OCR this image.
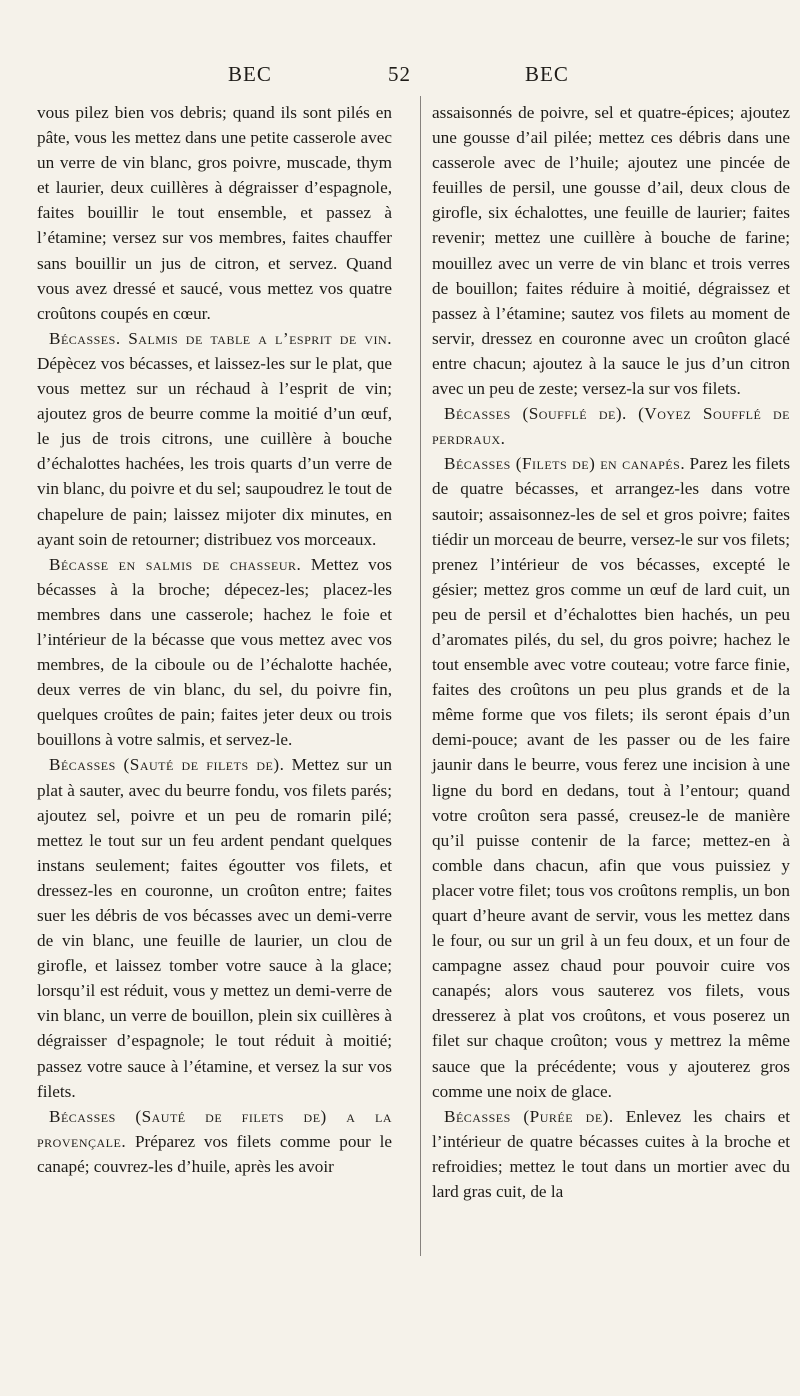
BEC	52	BEC

vous pilez bien vos debris; quand ils sont pilés en pâte, vous les mettez dans une petite casserole avec un verre de vin blanc, gros poivre, muscade, thym et laurier, deux cuillères à dégraisser d’espagnole, faites bouillir le tout ensemble, et passez à l’étamine; versez sur vos membres, faites chauffer sans bouillir un jus de citron, et servez. Quand vous avez dressé et saucé, vous mettez vos quatre croûtons coupés en cœur.

Bécasses. Salmis de table a l’esprit de vin. Dépècez vos bécasses, et laissez-les sur le plat, que vous mettez sur un réchaud à l’esprit de vin; ajoutez gros de beurre comme la moitié d’un œuf, le jus de trois citrons, une cuillère à bouche d’échalottes hachées, les trois quarts d’un verre de vin blanc, du poivre et du sel; saupoudrez le tout de chapelure de pain; laissez mijoter dix minutes, en ayant soin de retourner; distribuez vos morceaux.

Bécasse en salmis de chasseur. Mettez vos bécasses à la broche; dépecez-les; placez-les membres dans une casserole; hachez le foie et l’intérieur de la bécasse que vous mettez avec vos membres, de la ciboule ou de l’échalotte hachée, deux verres de vin blanc, du sel, du poivre fin, quelques croûtes de pain; faites jeter deux ou trois bouillons à votre salmis, et servez-le.

Bécasses (Sauté de filets de). Mettez sur un plat à sauter, avec du beurre fondu, vos filets parés; ajoutez sel, poivre et un peu de romarin pilé; mettez le tout sur un feu ardent pendant quelques instans seulement; faites égoutter vos filets, et dressez-les en couronne, un croûton entre; faites suer les débris de vos bécasses avec un demi-verre de vin blanc, une feuille de laurier, un clou de girofle, et laissez tomber votre sauce à la glace; lorsqu’il est réduit, vous y mettez un demi-verre de vin blanc, un verre de bouillon, plein six cuillères à dégraisser d’espagnole; le tout réduit à moitié; passez votre sauce à l’étamine, et versez la sur vos filets.

Bécasses (Sauté de filets de) a la provençale. Préparez vos filets comme pour le canapé; couvrez-les d’huile, après les avoir

assaisonnés de poivre, sel et quatre-épices; ajoutez une gousse d’ail pilée; mettez ces débris dans une casserole avec de l’huile; ajoutez une pincée de feuilles de persil, une gousse d’ail, deux clous de girofle, six échalottes, une feuille de laurier; faites revenir; mettez une cuillère à bouche de farine; mouillez avec un verre de vin blanc et trois verres de bouillon; faites réduire à moitié, dégraissez et passez à l’étamine; sautez vos filets au moment de servir, dressez en couronne avec un croûton glacé entre chacun; ajoutez à la sauce le jus d’un citron avec un peu de zeste; versez-la sur vos filets.

Bécasses (Soufflé de). (Voyez Soufflé de perdraux.

Bécasses (Filets de) en canapés. Parez les filets de quatre bécasses, et arrangez-les dans votre sautoir; assaisonnez-les de sel et gros poivre; faites tiédir un morceau de beurre, versez-le sur vos filets; prenez l’intérieur de vos bécasses, excepté le gésier; mettez gros comme un œuf de lard cuit, un peu de persil et d’échalottes bien hachés, un peu d’aromates pilés, du sel, du gros poivre; hachez le tout ensemble avec votre couteau; votre farce finie, faites des croûtons un peu plus grands et de la même forme que vos filets; ils seront épais d’un demi-pouce; avant de les passer ou de les faire jaunir dans le beurre, vous ferez une incision à une ligne du bord en dedans, tout à l’entour; quand votre croûton sera passé, creusez-le de manière qu’il puisse contenir de la farce; mettez-en à comble dans chacun, afin que vous puissiez y placer votre filet; tous vos croûtons remplis, un bon quart d’heure avant de servir, vous les mettez dans le four, ou sur un gril à un feu doux, et un four de campagne assez chaud pour pouvoir cuire vos canapés; alors vous sauterez vos filets, vous dresserez à plat vos croûtons, et vous poserez un filet sur chaque croûton; vous y mettrez la même sauce que la précédente; vous y ajouterez gros comme une noix de glace.

Bécasses (Purée de). Enlevez les chairs et l’intérieur de quatre bécasses cuites à la broche et refroidies; mettez le tout dans un mortier avec du lard gras cuit, de la
